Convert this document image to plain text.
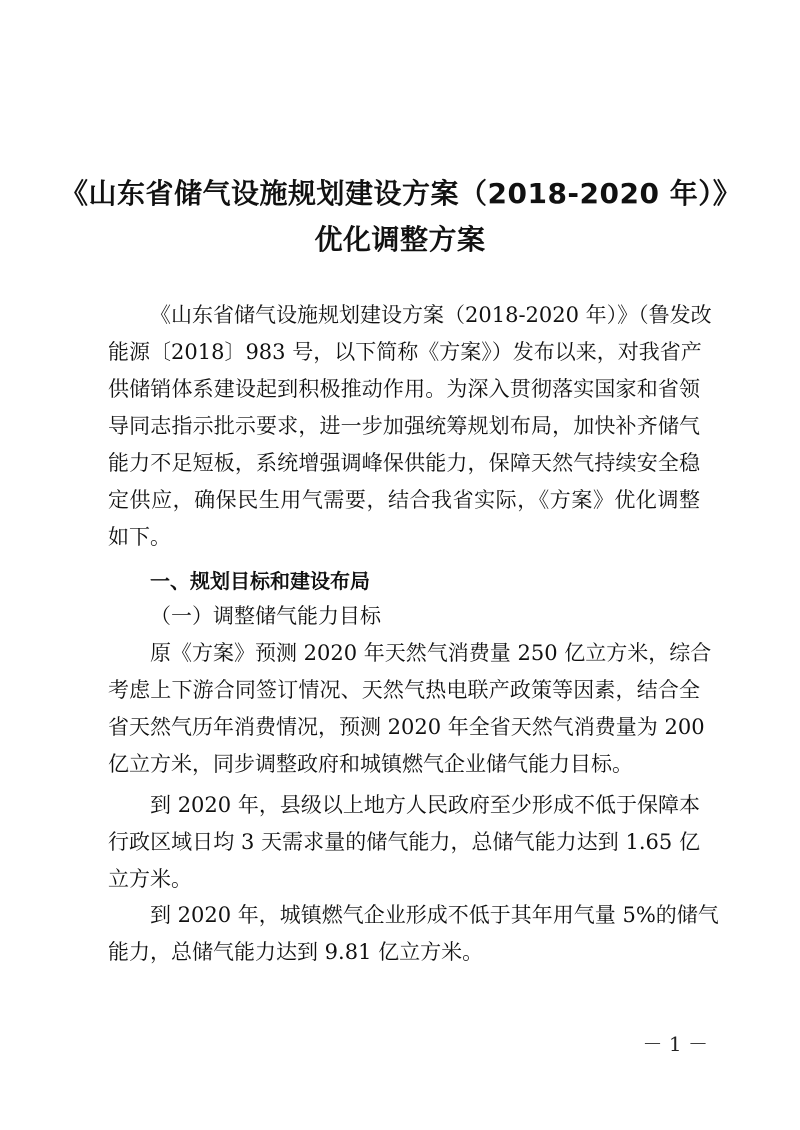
《山东省储气设施规划建设方案（2018-2020 年）》
优化调整方案
《山东省储气设施规划建设方案（2018-2020 年）》（鲁发改
能源〔2018〕983 号，以下简称《方案》）发布以来，对我省产
供储销体系建设起到积极推动作用。为深入贯彻落实国家和省领
导同志指示批示要求，进一步加强统筹规划布局，加快补齐储气
能力不足短板，系统增强调峰保供能力，保障天然气持续安全稳
定供应，确保民生用气需要，结合我省实际，《方案》优化调整
如下。
一、规划目标和建设布局
（一）调整储气能力目标
原《方案》预测 2020 年天然气消费量 250 亿立方米，综合
考虑上下游合同签订情况、天然气热电联产政策等因素，结合全
省天然气历年消费情况，预测 2020 年全省天然气消费量为 200
亿立方米，同步调整政府和城镇燃气企业储气能力目标。
到 2020 年，县级以上地方人民政府至少形成不低于保障本
行政区域日均 3 天需求量的储气能力，总储气能力达到 1.65 亿
立方米。
到 2020 年，城镇燃气企业形成不低于其年用气量 5%的储气
能力，总储气能力达到 9.81 亿立方米。
－ 1 －
